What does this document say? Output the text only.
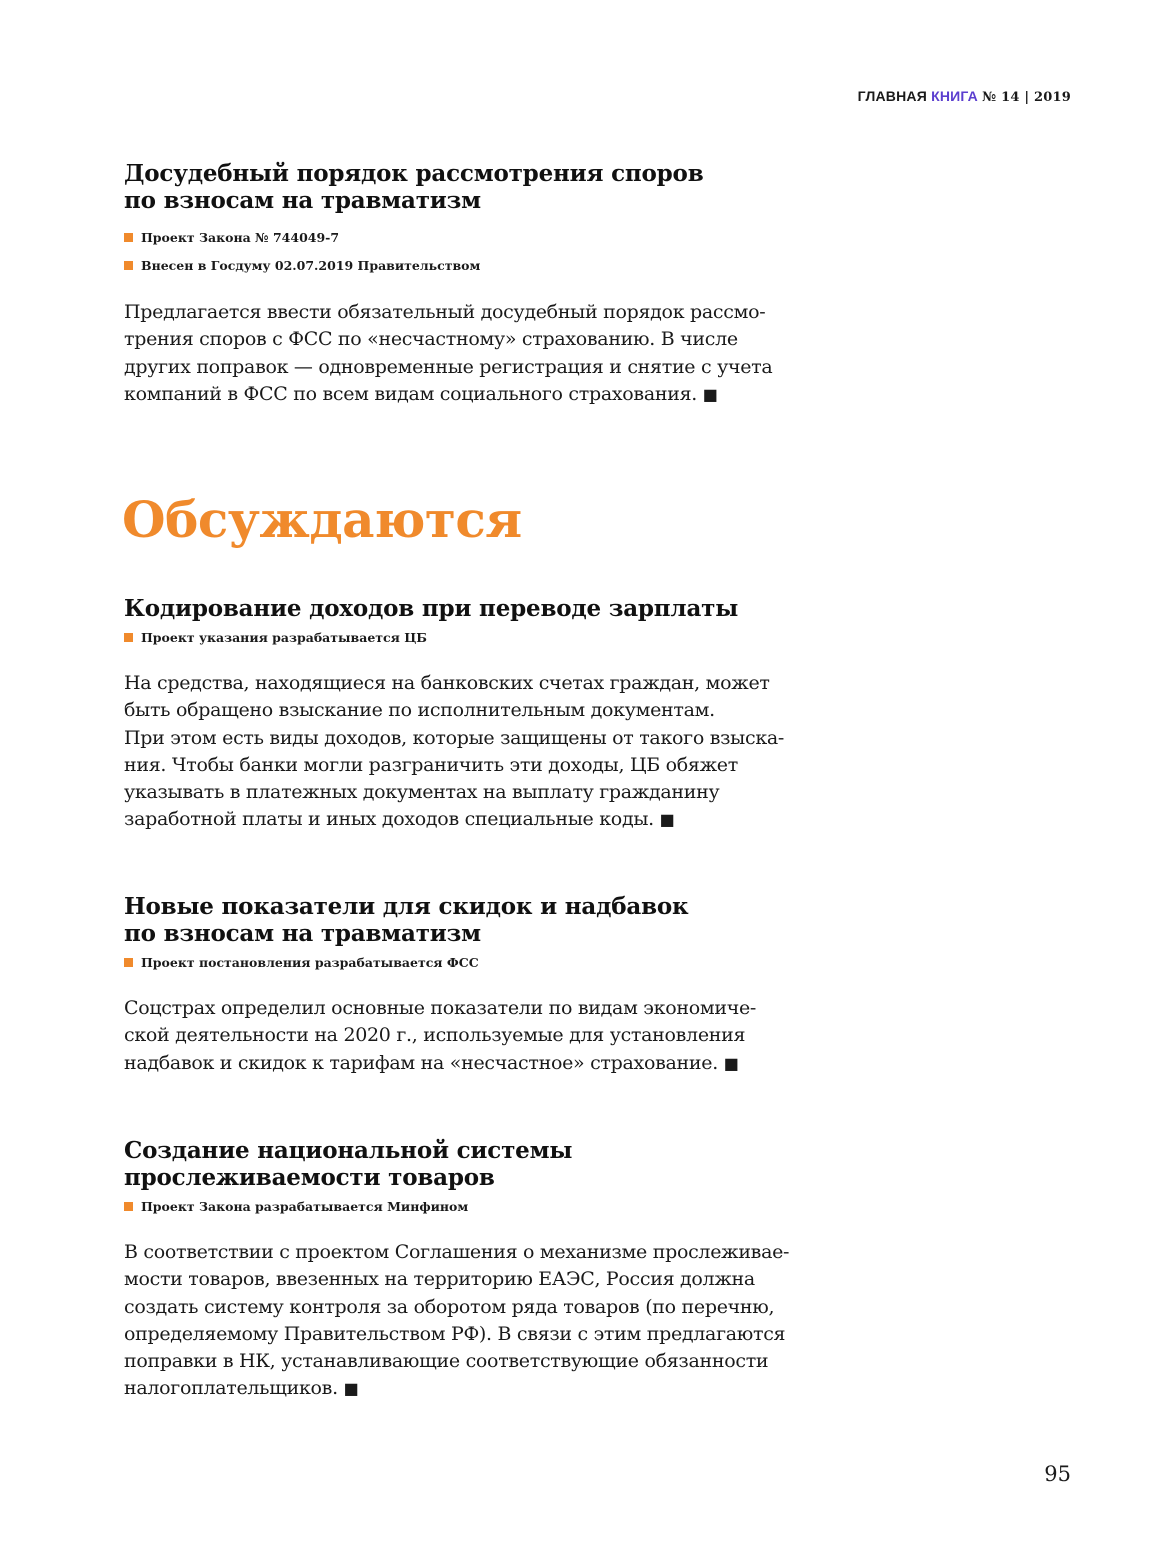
ГЛАВНАЯ КНИГА № 14 | 2019
Досудебный порядок рассмотрения споров
по взносам на травматизм

Проект Закона № 744049-7

Внесен в Госдуму 02.07.2019 Правительством

Предлагается ввести обязательный досудебный порядок рассмо-
трения споров с ФСС по «несчастному» страхованию. В числе
других поправок — одновременные регистрация и снятие с учета
компаний в ФСС по всем видам социального страхования. ■

Обсуждаются
Кодирование доходов при переводе зарплаты

Проект указания разрабатывается ЦБ

На средства, находящиеся на банковских счетах граждан, может
быть обращено взыскание по исполнительным документам.
При этом есть виды доходов, которые защищены от такого взыска-
ния. Чтобы банки могли разграничить эти доходы, ЦБ обяжет
указывать в платежных документах на выплату гражданину
заработной платы и иных доходов специальные коды. ■

Новые показатели для скидок и надбавок
по взносам на травматизм

Проект постановления разрабатывается ФСС

Соцстрах определил основные показатели по видам экономиче-
ской деятельности на 2020 г., используемые для установления
надбавок и скидок к тарифам на «несчастное» страхование. ■

Создание национальной системы
прослеживаемости товаров

Проект Закона разрабатывается Минфином

В соответствии с проектом Соглашения о механизме прослеживае-
мости товаров, ввезенных на территорию ЕАЭС, Россия должна
создать систему контроля за оборотом ряда товаров (по перечню,
определяемому Правительством РФ). В связи с этим предлагаются
поправки в НК, устанавливающие соответствующие обязанности
налогоплательщиков. ■

95
